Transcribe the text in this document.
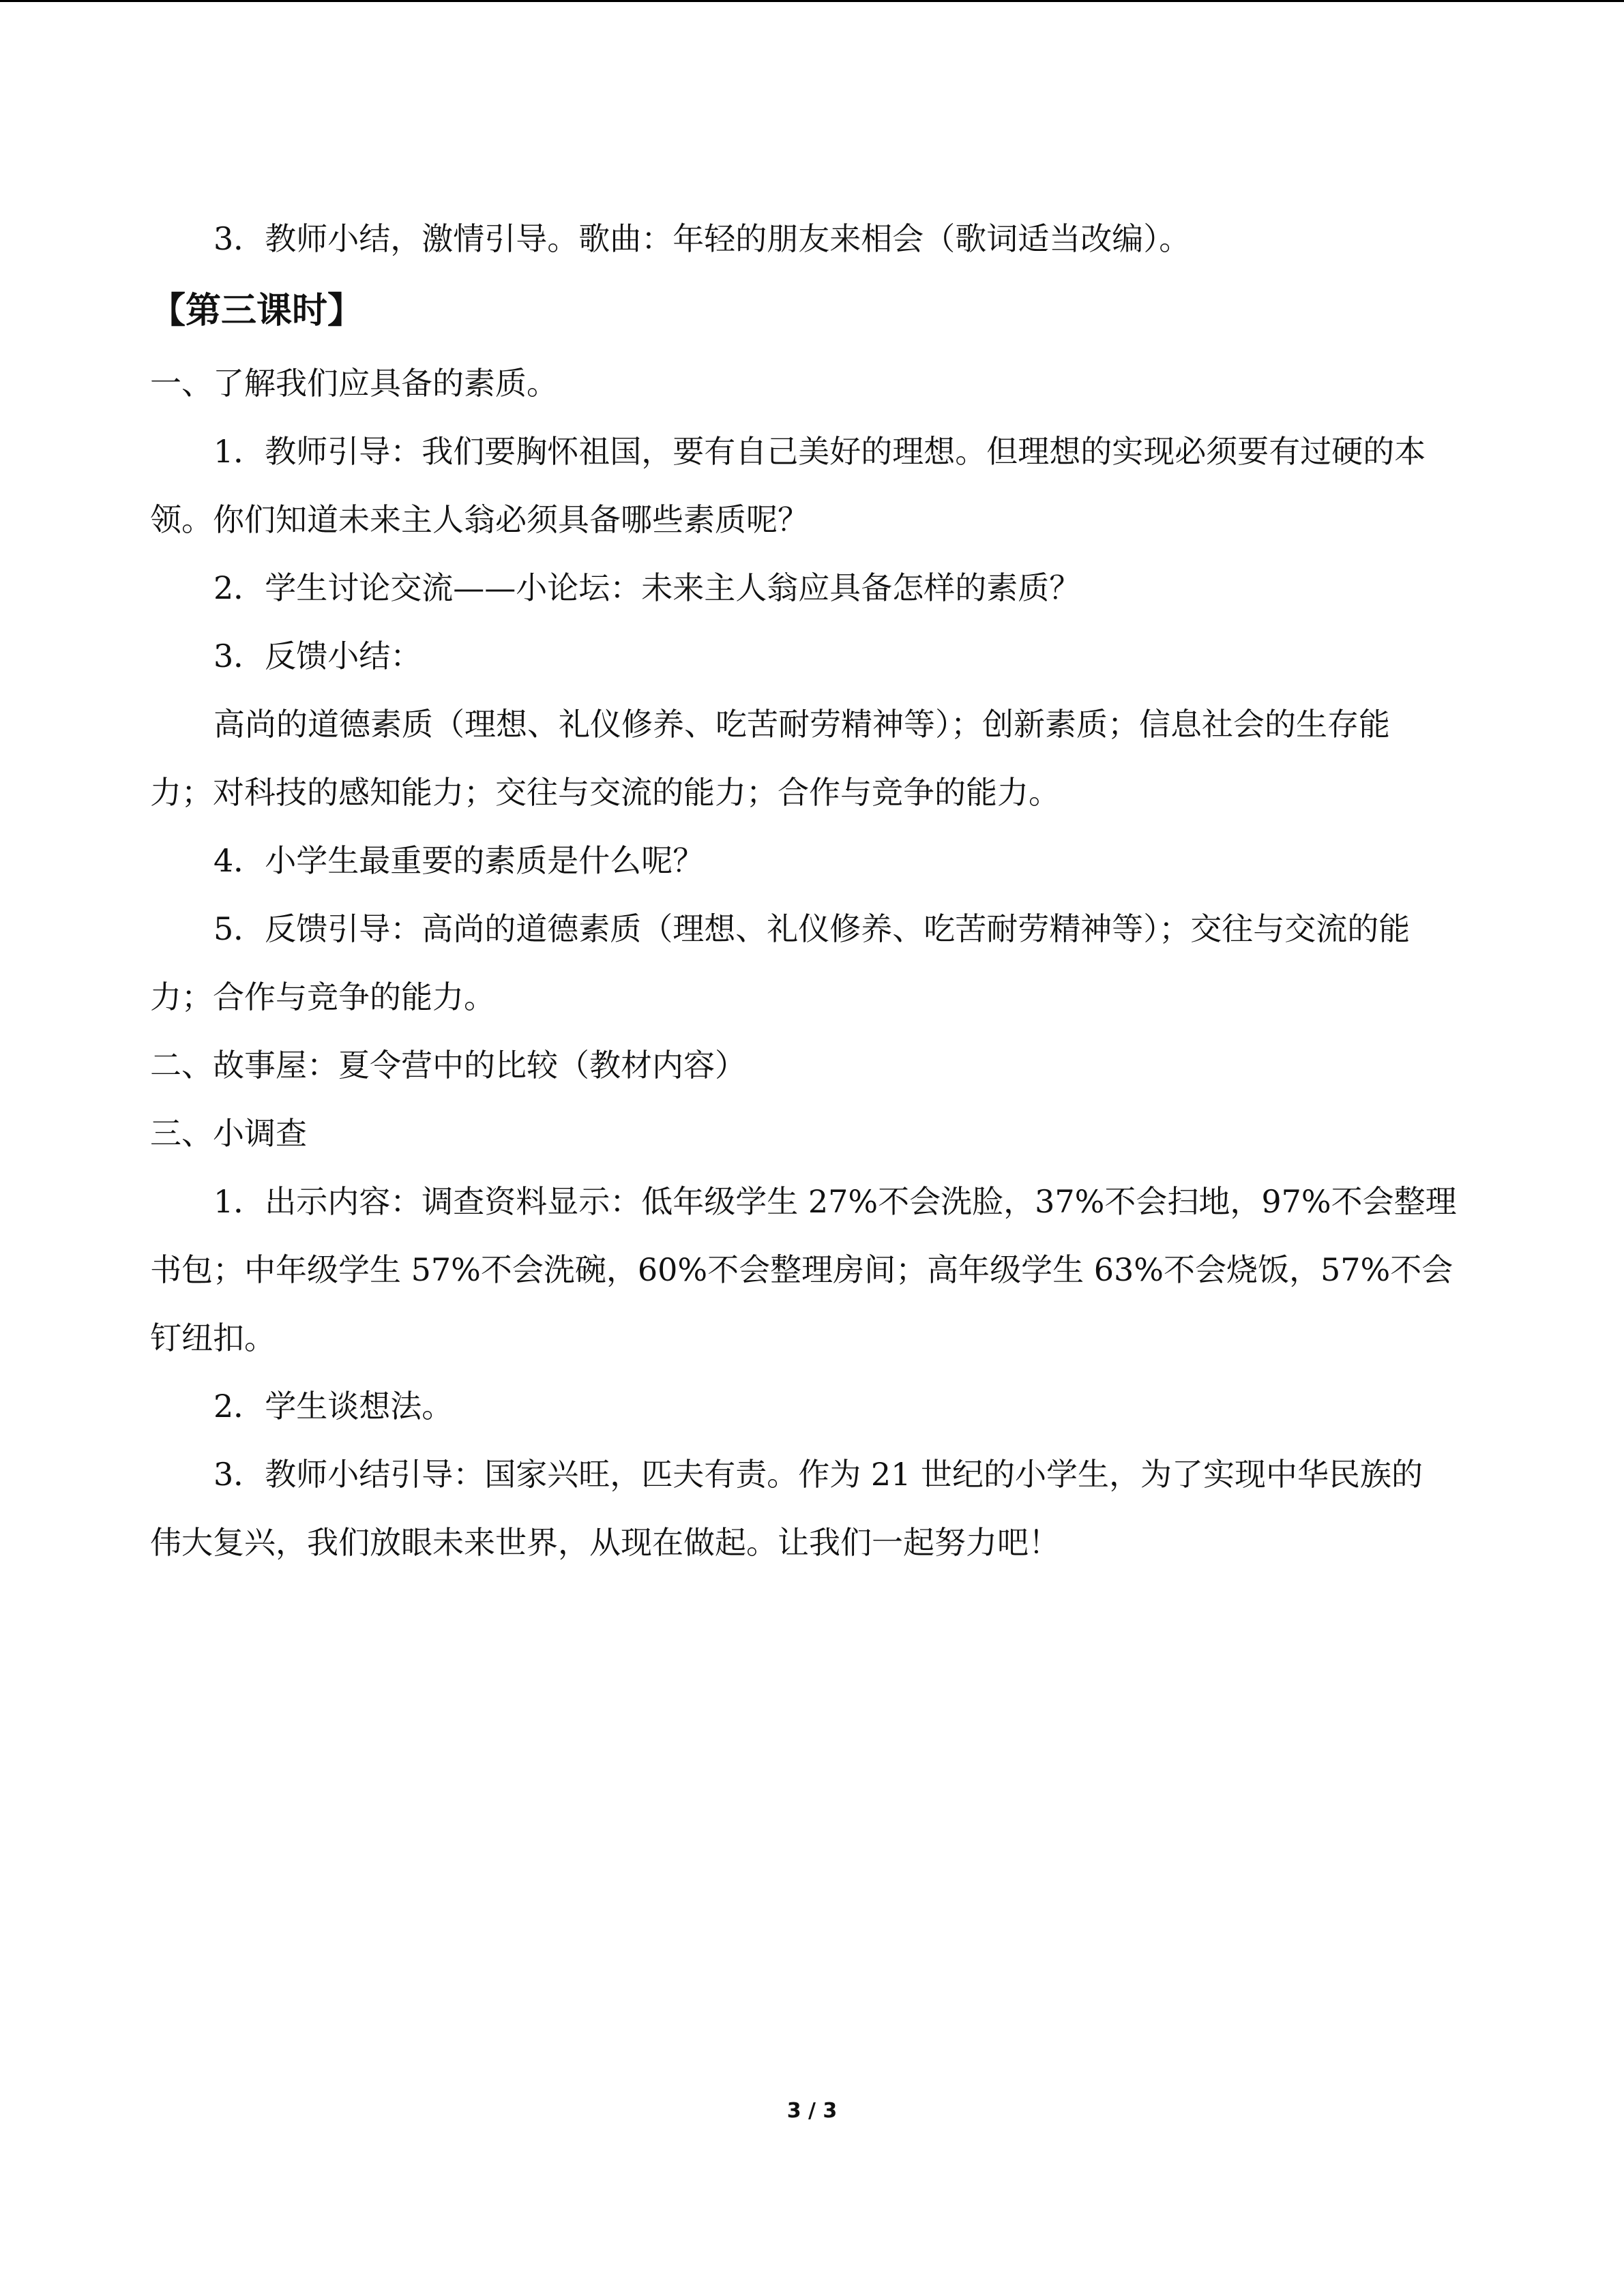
3．教师小结，激情引导。歌曲：年轻的朋友来相会（歌词适当改编）。

【第三课时】

一、了解我们应具备的素质。

1．教师引导：我们要胸怀祖国，要有自己美好的理想。但理想的实现必须要有过硬的本

领。你们知道未来主人翁必须具备哪些素质呢？

2．学生讨论交流——小论坛：未来主人翁应具备怎样的素质？

3．反馈小结：

高尚的道德素质（理想、礼仪修养、吃苦耐劳精神等）；创新素质；信息社会的生存能

力；对科技的感知能力；交往与交流的能力；合作与竞争的能力。

4．小学生最重要的素质是什么呢？

5．反馈引导：高尚的道德素质（理想、礼仪修养、吃苦耐劳精神等）；交往与交流的能

力；合作与竞争的能力。

二、故事屋：夏令营中的比较（教材内容）

三、小调查

1．出示内容：调查资料显示：低年级学生 27%不会洗脸，37%不会扫地，97%不会整理

书包；中年级学生 57%不会洗碗，60%不会整理房间；高年级学生 63%不会烧饭，57%不会

钉纽扣。

2．学生谈想法。

3．教师小结引导：国家兴旺，匹夫有责。作为 21 世纪的小学生，为了实现中华民族的

伟大复兴，我们放眼未来世界，从现在做起。让我们一起努力吧！

3 / 3
